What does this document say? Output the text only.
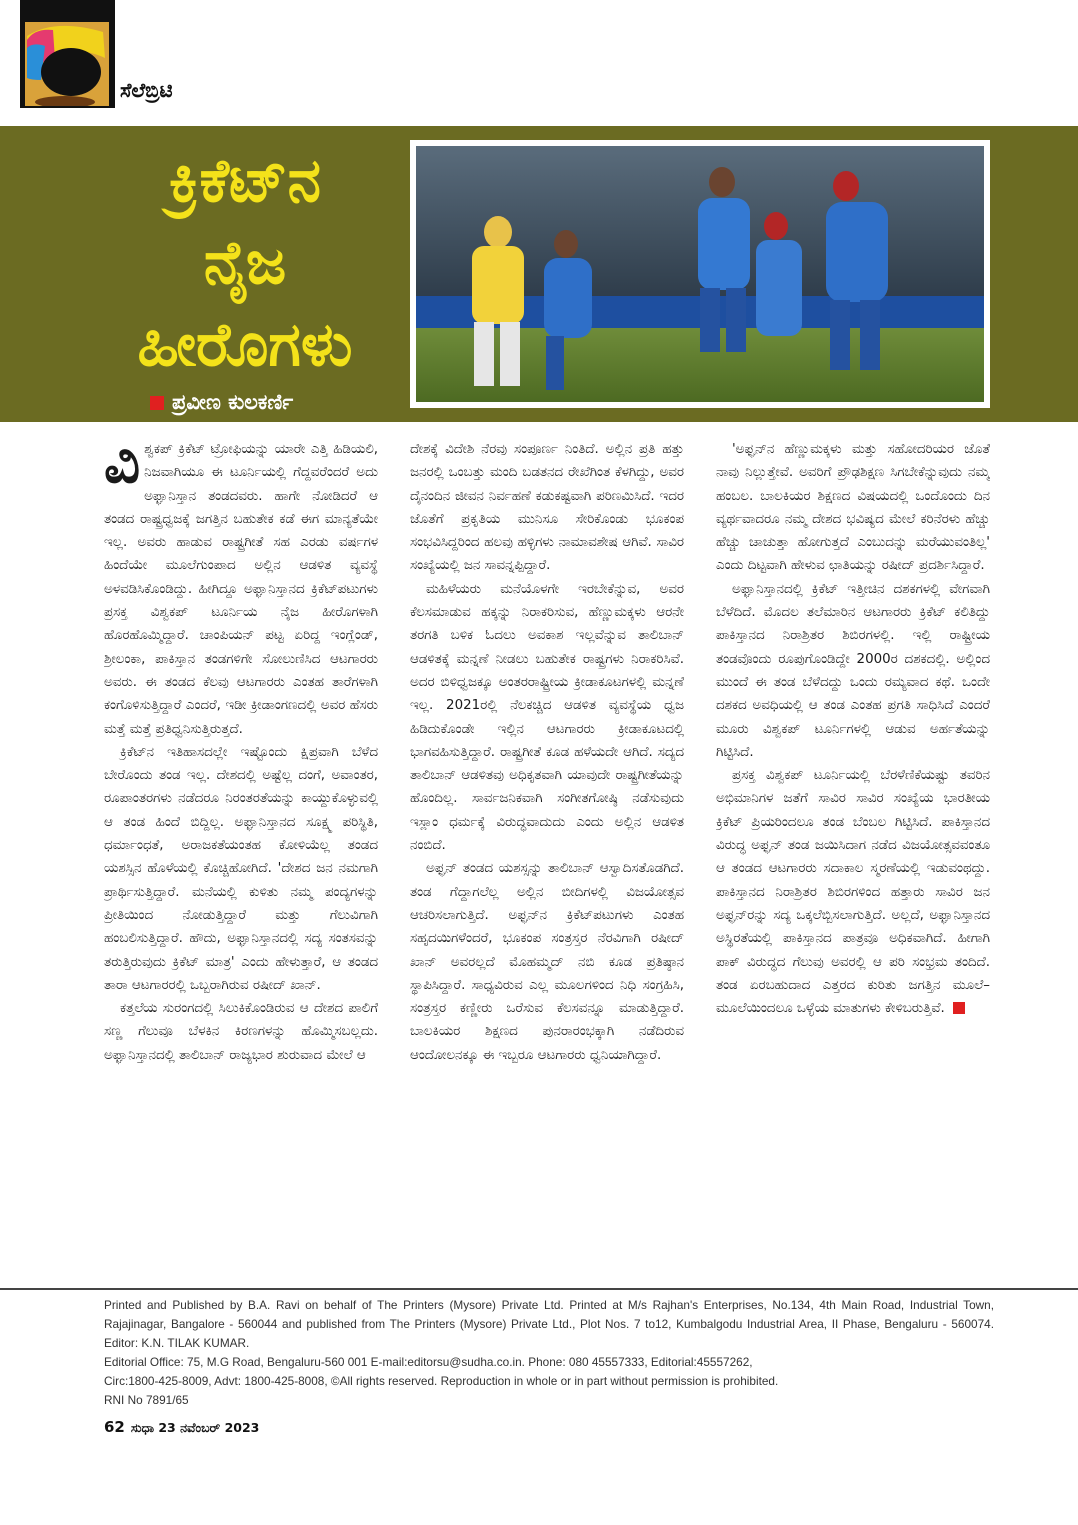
ಸೆಲೆಬ್ರಿಟಿ
ಕ್ರಿಕೆಟ್‌ನ
ನೈಜ
ಹೀರೊಗಳು
ಪ್ರವೀಣ ಕುಲಕರ್ಣಿ

ವಿಶ್ವಕಪ್ ಕ್ರಿಕೆಟ್ ಟ್ರೋಫಿಯನ್ನು ಯಾರೇ ಎತ್ತಿ ಹಿಡಿಯಲಿ, ನಿಜವಾಗಿಯೂ ಈ ಟೂರ್ನಿಯಲ್ಲಿ ಗೆದ್ದವರೆಂದರೆ ಅದು ಅಫ್ಘಾನಿಸ್ತಾನ ತಂಡದವರು. ಹಾಗೇ ನೋಡಿದರೆ ಆ ತಂಡದ ರಾಷ್ಟ್ರಧ್ವಜಕ್ಕೆ ಜಗತ್ತಿನ ಬಹುತೇಕ ಕಡೆ ಈಗ ಮಾನ್ಯತೆಯೇ ಇಲ್ಲ. ಅವರು ಹಾಡುವ ರಾಷ್ಟ್ರಗೀತೆ ಸಹ ಎರಡು ವರ್ಷಗಳ ಹಿಂದೆಯೇ ಮೂಲೆಗುಂಪಾದ ಅಲ್ಲಿನ ಆಡಳಿತ ವ್ಯವಸ್ಥೆ ಅಳವಡಿಸಿಕೊಂಡಿದ್ದು. ಹೀಗಿದ್ದೂ ಅಫ್ಘಾನಿಸ್ತಾನದ ಕ್ರಿಕೆಟ್‌ಪಟುಗಳು ಪ್ರಸಕ್ತ ವಿಶ್ವಕಪ್ ಟೂರ್ನಿಯ ನೈಜ ಹೀರೊಗಳಾಗಿ ಹೊರಹೊಮ್ಮಿದ್ದಾರೆ. ಚಾಂಪಿಯನ್ ಪಟ್ಟ ಏರಿದ್ದ ಇಂಗ್ಲೆಂಡ್, ಶ್ರೀಲಂಕಾ, ಪಾಕಿಸ್ತಾನ ತಂಡಗಳಿಗೇ ಸೋಲುಣಿಸಿದ ಆಟಗಾರರು ಅವರು. ಈ ತಂಡದ ಕೆಲವು ಆಟಗಾರರು ಎಂತಹ ತಾರೆಗಳಾಗಿ ಕಂಗೊಳಿಸುತ್ತಿದ್ದಾರೆ ಎಂದರೆ, ಇಡೀ ಕ್ರೀಡಾಂಗಣದಲ್ಲಿ ಅವರ ಹೆಸರು ಮತ್ತೆ ಮತ್ತೆ ಪ್ರತಿಧ್ವನಿಸುತ್ತಿರುತ್ತದೆ.

ಕ್ರಿಕೆಟ್‌ನ ಇತಿಹಾಸದಲ್ಲೇ ಇಷ್ಟೊಂದು ಕ್ಷಿಪ್ರವಾಗಿ ಬೆಳೆದ ಬೇರೊಂದು ತಂಡ ಇಲ್ಲ. ದೇಶದಲ್ಲಿ ಅಷ್ಟೆಲ್ಲ ದಂಗೆ, ಅವಾಂತರ, ರೂಪಾಂತರಗಳು ನಡೆದರೂ ನಿರಂತರತೆಯನ್ನು ಕಾಯ್ದುಕೊಳ್ಳುವಲ್ಲಿ ಆ ತಂಡ ಹಿಂದೆ ಬಿದ್ದಿಲ್ಲ. ಅಫ್ಘಾನಿಸ್ತಾನದ ಸೂಕ್ಷ್ಮ ಪರಿಸ್ಥಿತಿ, ಧರ್ಮಾಂಧತೆ, ಅರಾಜಕತೆಯಂತಹ ಕೋಳಿಯೆಲ್ಲ ತಂಡದ ಯಶಸ್ಸಿನ ಹೊಳೆಯಲ್ಲಿ ಕೊಚ್ಚಿಹೋಗಿದೆ. 'ದೇಶದ ಜನ ನಮಗಾಗಿ ಪ್ರಾರ್ಥಿಸುತ್ತಿದ್ದಾರೆ. ಮನೆಯಲ್ಲಿ ಕುಳಿತು ನಮ್ಮ ಪಂದ್ಯಗಳನ್ನು ಪ್ರೀತಿಯಿಂದ ನೋಡುತ್ತಿದ್ದಾರೆ ಮತ್ತು ಗೆಲುವಿಗಾಗಿ ಹಂಬಲಿಸುತ್ತಿದ್ದಾರೆ. ಹೌದು, ಅಫ್ಘಾನಿಸ್ತಾನದಲ್ಲಿ ಸದ್ಯ ಸಂತಸವನ್ನು ತರುತ್ತಿರುವುದು ಕ್ರಿಕೆಟ್ ಮಾತ್ರ' ಎಂದು ಹೇಳುತ್ತಾರೆ, ಆ ತಂಡದ ತಾರಾ ಆಟಗಾರರಲ್ಲಿ ಒಬ್ಬರಾಗಿರುವ ರಷೀದ್ ಖಾನ್.

ಕತ್ತಲೆಯ ಸುರಂಗದಲ್ಲಿ ಸಿಲುಕಿಕೊಂಡಿರುವ ಆ ದೇಶದ ಪಾಲಿಗೆ ಸಣ್ಣ ಗೆಲುವೂ ಬೆಳಕಿನ ಕಿರಣಗಳನ್ನು ಹೊಮ್ಮಿಸಬಲ್ಲದು. ಅಫ್ಘಾನಿಸ್ತಾನದಲ್ಲಿ ತಾಲಿಬಾನ್ ರಾಜ್ಯಭಾರ ಶುರುವಾದ ಮೇಲೆ ಆ

ದೇಶಕ್ಕೆ ವಿದೇಶಿ ನೆರವು ಸಂಪೂರ್ಣ ನಿಂತಿದೆ. ಅಲ್ಲಿನ ಪ್ರತಿ ಹತ್ತು ಜನರಲ್ಲಿ ಒಂಬತ್ತು ಮಂದಿ ಬಡತನದ ರೇಖೆಗಿಂತ ಕೆಳಗಿದ್ದು, ಅವರ ದೈನಂದಿನ ಜೀವನ ನಿರ್ವಹಣೆ ಕಡುಕಷ್ಟವಾಗಿ ಪರಿಣಮಿಸಿದೆ. ಇದರ ಜೊತೆಗೆ ಪ್ರಕೃತಿಯ ಮುನಿಸೂ ಸೇರಿಕೊಂಡು ಭೂಕಂಪ ಸಂಭವಿಸಿದ್ದರಿಂದ ಹಲವು ಹಳ್ಳಿಗಳು ನಾಮಾವಶೇಷ ಆಗಿವೆ. ಸಾವಿರ ಸಂಖ್ಯೆಯಲ್ಲಿ ಜನ ಸಾವನ್ನಪ್ಪಿದ್ದಾರೆ.

ಮಹಿಳೆಯರು ಮನೆಯೊಳಗೇ ಇರಬೇಕೆನ್ನುವ, ಅವರ ಕೆಲಸಮಾಡುವ ಹಕ್ಕನ್ನು ನಿರಾಕರಿಸುವ, ಹೆಣ್ಣುಮಕ್ಕಳು ಆರನೇ ತರಗತಿ ಬಳಿಕ ಓದಲು ಅವಕಾಶ ಇಲ್ಲವೆನ್ನುವ ತಾಲಿಬಾನ್ ಆಡಳಿತಕ್ಕೆ ಮನ್ನಣೆ ನೀಡಲು ಬಹುತೇಕ ರಾಷ್ಟ್ರಗಳು ನಿರಾಕರಿಸಿವೆ. ಅದರ ಬಿಳಿಧ್ವಜಕ್ಕೂ ಅಂತರರಾಷ್ಟ್ರೀಯ ಕ್ರೀಡಾಕೂಟಗಳಲ್ಲಿ ಮನ್ನಣೆ ಇಲ್ಲ. 2021ರಲ್ಲಿ ನೆಲಕಚ್ಚಿದ ಆಡಳಿತ ವ್ಯವಸ್ಥೆಯ ಧ್ವಜ ಹಿಡಿದುಕೊಂಡೇ ಇಲ್ಲಿನ ಆಟಗಾರರು ಕ್ರೀಡಾಕೂಟದಲ್ಲಿ ಭಾಗವಹಿಸುತ್ತಿದ್ದಾರೆ. ರಾಷ್ಟ್ರಗೀತೆ ಕೂಡ ಹಳೆಯದೇ ಆಗಿದೆ. ಸದ್ಯದ ತಾಲಿಬಾನ್ ಆಡಳಿತವು ಅಧಿಕೃತವಾಗಿ ಯಾವುದೇ ರಾಷ್ಟ್ರಗೀತೆಯನ್ನು ಹೊಂದಿಲ್ಲ. ಸಾರ್ವಜನಿಕವಾಗಿ ಸಂಗೀತಗೋಷ್ಠಿ ನಡೆಸುವುದು ಇಸ್ಲಾಂ ಧರ್ಮಕ್ಕೆ ವಿರುದ್ಧವಾದುದು ಎಂದು ಅಲ್ಲಿನ ಆಡಳಿತ ನಂಬಿದೆ.

ಅಫ್ಘನ್ ತಂಡದ ಯಶಸ್ಸನ್ನು ತಾಲಿಬಾನ್ ಆಸ್ವಾದಿಸತೊಡಗಿದೆ. ತಂಡ ಗೆದ್ದಾಗಲೆಲ್ಲ ಅಲ್ಲಿನ ಬೀದಿಗಳಲ್ಲಿ ವಿಜಯೋತ್ಸವ ಆಚರಿಸಲಾಗುತ್ತಿದೆ. ಅಫ್ಘನ್‌ನ ಕ್ರಿಕೆಟ್‌ಪಟುಗಳು ಎಂತಹ ಸಹೃದಯಿಗಳೆಂದರೆ, ಭೂಕಂಪ ಸಂತ್ರಸ್ತರ ನೆರವಿಗಾಗಿ ರಷೀದ್ ಖಾನ್ ಅವರಲ್ಲದೆ ಮೊಹಮ್ಮದ್ ನಬಿ ಕೂಡ ಪ್ರತಿಷ್ಠಾನ ಸ್ಥಾಪಿಸಿದ್ದಾರೆ. ಸಾಧ್ಯವಿರುವ ಎಲ್ಲ ಮೂಲಗಳಿಂದ ನಿಧಿ ಸಂಗ್ರಹಿಸಿ, ಸಂತ್ರಸ್ತರ ಕಣ್ಣೀರು ಒರೆಸುವ ಕೆಲಸವನ್ನೂ ಮಾಡುತ್ತಿದ್ದಾರೆ. ಬಾಲಕಿಯರ ಶಿಕ್ಷಣದ ಪುನರಾರಂಭಕ್ಕಾಗಿ ನಡೆದಿರುವ ಆಂದೋಲನಕ್ಕೂ ಈ ಇಬ್ಬರೂ ಆಟಗಾರರು ಧ್ವನಿಯಾಗಿದ್ದಾರೆ.

'ಅಫ್ಘನ್‌ನ ಹೆಣ್ಣುಮಕ್ಕಳು ಮತ್ತು ಸಹೋದರಿಯರ ಜೊತೆ ನಾವು ನಿಲ್ಲುತ್ತೇವೆ. ಅವರಿಗೆ ಪ್ರೌಢಶಿಕ್ಷಣ ಸಿಗಬೇಕೆನ್ನುವುದು ನಮ್ಮ ಹಂಬಲ. ಬಾಲಕಿಯರ ಶಿಕ್ಷಣದ ವಿಷಯದಲ್ಲಿ ಒಂದೊಂದು ದಿನ ವ್ಯರ್ಥವಾದರೂ ನಮ್ಮ ದೇಶದ ಭವಿಷ್ಯದ ಮೇಲೆ ಕರಿನೆರಳು ಹೆಚ್ಚು ಹೆಚ್ಚು ಚಾಚುತ್ತಾ ಹೋಗುತ್ತದೆ ಎಂಬುದನ್ನು ಮರೆಯುವಂತಿಲ್ಲ' ಎಂದು ದಿಟ್ಟವಾಗಿ ಹೇಳುವ ಛಾತಿಯನ್ನು ರಷೀದ್ ಪ್ರದರ್ಶಿಸಿದ್ದಾರೆ.

ಅಫ್ಘಾನಿಸ್ತಾನದಲ್ಲಿ ಕ್ರಿಕೆಟ್ ಇತ್ತೀಚಿನ ದಶಕಗಳಲ್ಲಿ ವೇಗವಾಗಿ ಬೆಳೆದಿದೆ. ಮೊದಲ ತಲೆಮಾರಿನ ಆಟಗಾರರು ಕ್ರಿಕೆಟ್ ಕಲಿತಿದ್ದು ಪಾಕಿಸ್ತಾನದ ನಿರಾಶ್ರಿತರ ಶಿಬಿರಗಳಲ್ಲಿ. ಇಲ್ಲಿ ರಾಷ್ಟ್ರೀಯ ತಂಡವೊಂದು ರೂಪುಗೊಂಡಿದ್ದೇ 2000ರ ದಶಕದಲ್ಲಿ. ಅಲ್ಲಿಂದ ಮುಂದೆ ಈ ತಂಡ ಬೆಳೆದದ್ದು ಒಂದು ರಮ್ಯವಾದ ಕಥೆ. ಒಂದೇ ದಶಕದ ಅವಧಿಯಲ್ಲಿ ಆ ತಂಡ ಎಂತಹ ಪ್ರಗತಿ ಸಾಧಿಸಿದೆ ಎಂದರೆ ಮೂರು ವಿಶ್ವಕಪ್ ಟೂರ್ನಿಗಳಲ್ಲಿ ಆಡುವ ಅರ್ಹತೆಯನ್ನು ಗಿಟ್ಟಿಸಿದೆ.

ಪ್ರಸಕ್ತ ವಿಶ್ವಕಪ್ ಟೂರ್ನಿಯಲ್ಲಿ ಬೆರಳೆಣಿಕೆಯಷ್ಟು ತವರಿನ ಅಭಿಮಾನಿಗಳ ಜತೆಗೆ ಸಾವಿರ ಸಾವಿರ ಸಂಖ್ಯೆಯ ಭಾರತೀಯ ಕ್ರಿಕೆಟ್ ಪ್ರಿಯರಿಂದಲೂ ತಂಡ ಬೆಂಬಲ ಗಿಟ್ಟಿಸಿದೆ. ಪಾಕಿಸ್ತಾನದ ವಿರುದ್ಧ ಅಫ್ಘನ್ ತಂಡ ಜಯಿಸಿದಾಗ ನಡೆದ ವಿಜಯೋತ್ಸವವಂತೂ ಆ ತಂಡದ ಆಟಗಾರರು ಸದಾಕಾಲ ಸ್ಮರಣೆಯಲ್ಲಿ ಇಡುವಂಥದ್ದು. ಪಾಕಿಸ್ತಾನದ ನಿರಾಶ್ರಿತರ ಶಿಬಿರಗಳಿಂದ ಹತ್ತಾರು ಸಾವಿರ ಜನ ಅಫ್ಘನ್‌ರನ್ನು ಸದ್ಯ ಒಕ್ಕಲೆಬ್ಬಿಸಲಾಗುತ್ತಿದೆ. ಅಲ್ಲದೆ, ಅಫ್ಘಾನಿಸ್ತಾನದ ಅಸ್ಥಿರತೆಯಲ್ಲಿ ಪಾಕಿಸ್ತಾನದ ಪಾತ್ರವೂ ಅಧಿಕವಾಗಿದೆ. ಹೀಗಾಗಿ ಪಾಕ್ ವಿರುದ್ಧದ ಗೆಲುವು ಅವರಲ್ಲಿ ಆ ಪರಿ ಸಂಭ್ರಮ ತಂದಿದೆ. ತಂಡ ಏರಬಹುದಾದ ಎತ್ತರದ ಕುರಿತು ಜಗತ್ತಿನ ಮೂಲೆ–ಮೂಲೆಯಿಂದಲೂ ಒಳ್ಳೆಯ ಮಾತುಗಳು ಕೇಳಿಬರುತ್ತಿವೆ.

Printed and Published by B.A. Ravi on behalf of The Printers (Mysore) Private Ltd. Printed at M/s Rajhan's Enterprises, No.134, 4th Main Road, Industrial Town, Rajajinagar, Bangalore - 560044 and published from The Printers (Mysore) Private Ltd., Plot Nos. 7 to12, Kumbalgodu Industrial Area, II Phase, Bengaluru - 560074. Editor: K.N. TILAK KUMAR.

Editorial Office: 75, M.G Road, Bengaluru-560 001 E-mail:editorsu@sudha.co.in. Phone: 080 45557333, Editorial:45557262,

Circ:1800-425-8009, Advt: 1800-425-8008, ©All rights reserved. Reproduction in whole or in part without permission is prohibited.

RNI No 7891/65

62 ಸುಧಾ 23 ನವೆಂಬರ್ 2023
